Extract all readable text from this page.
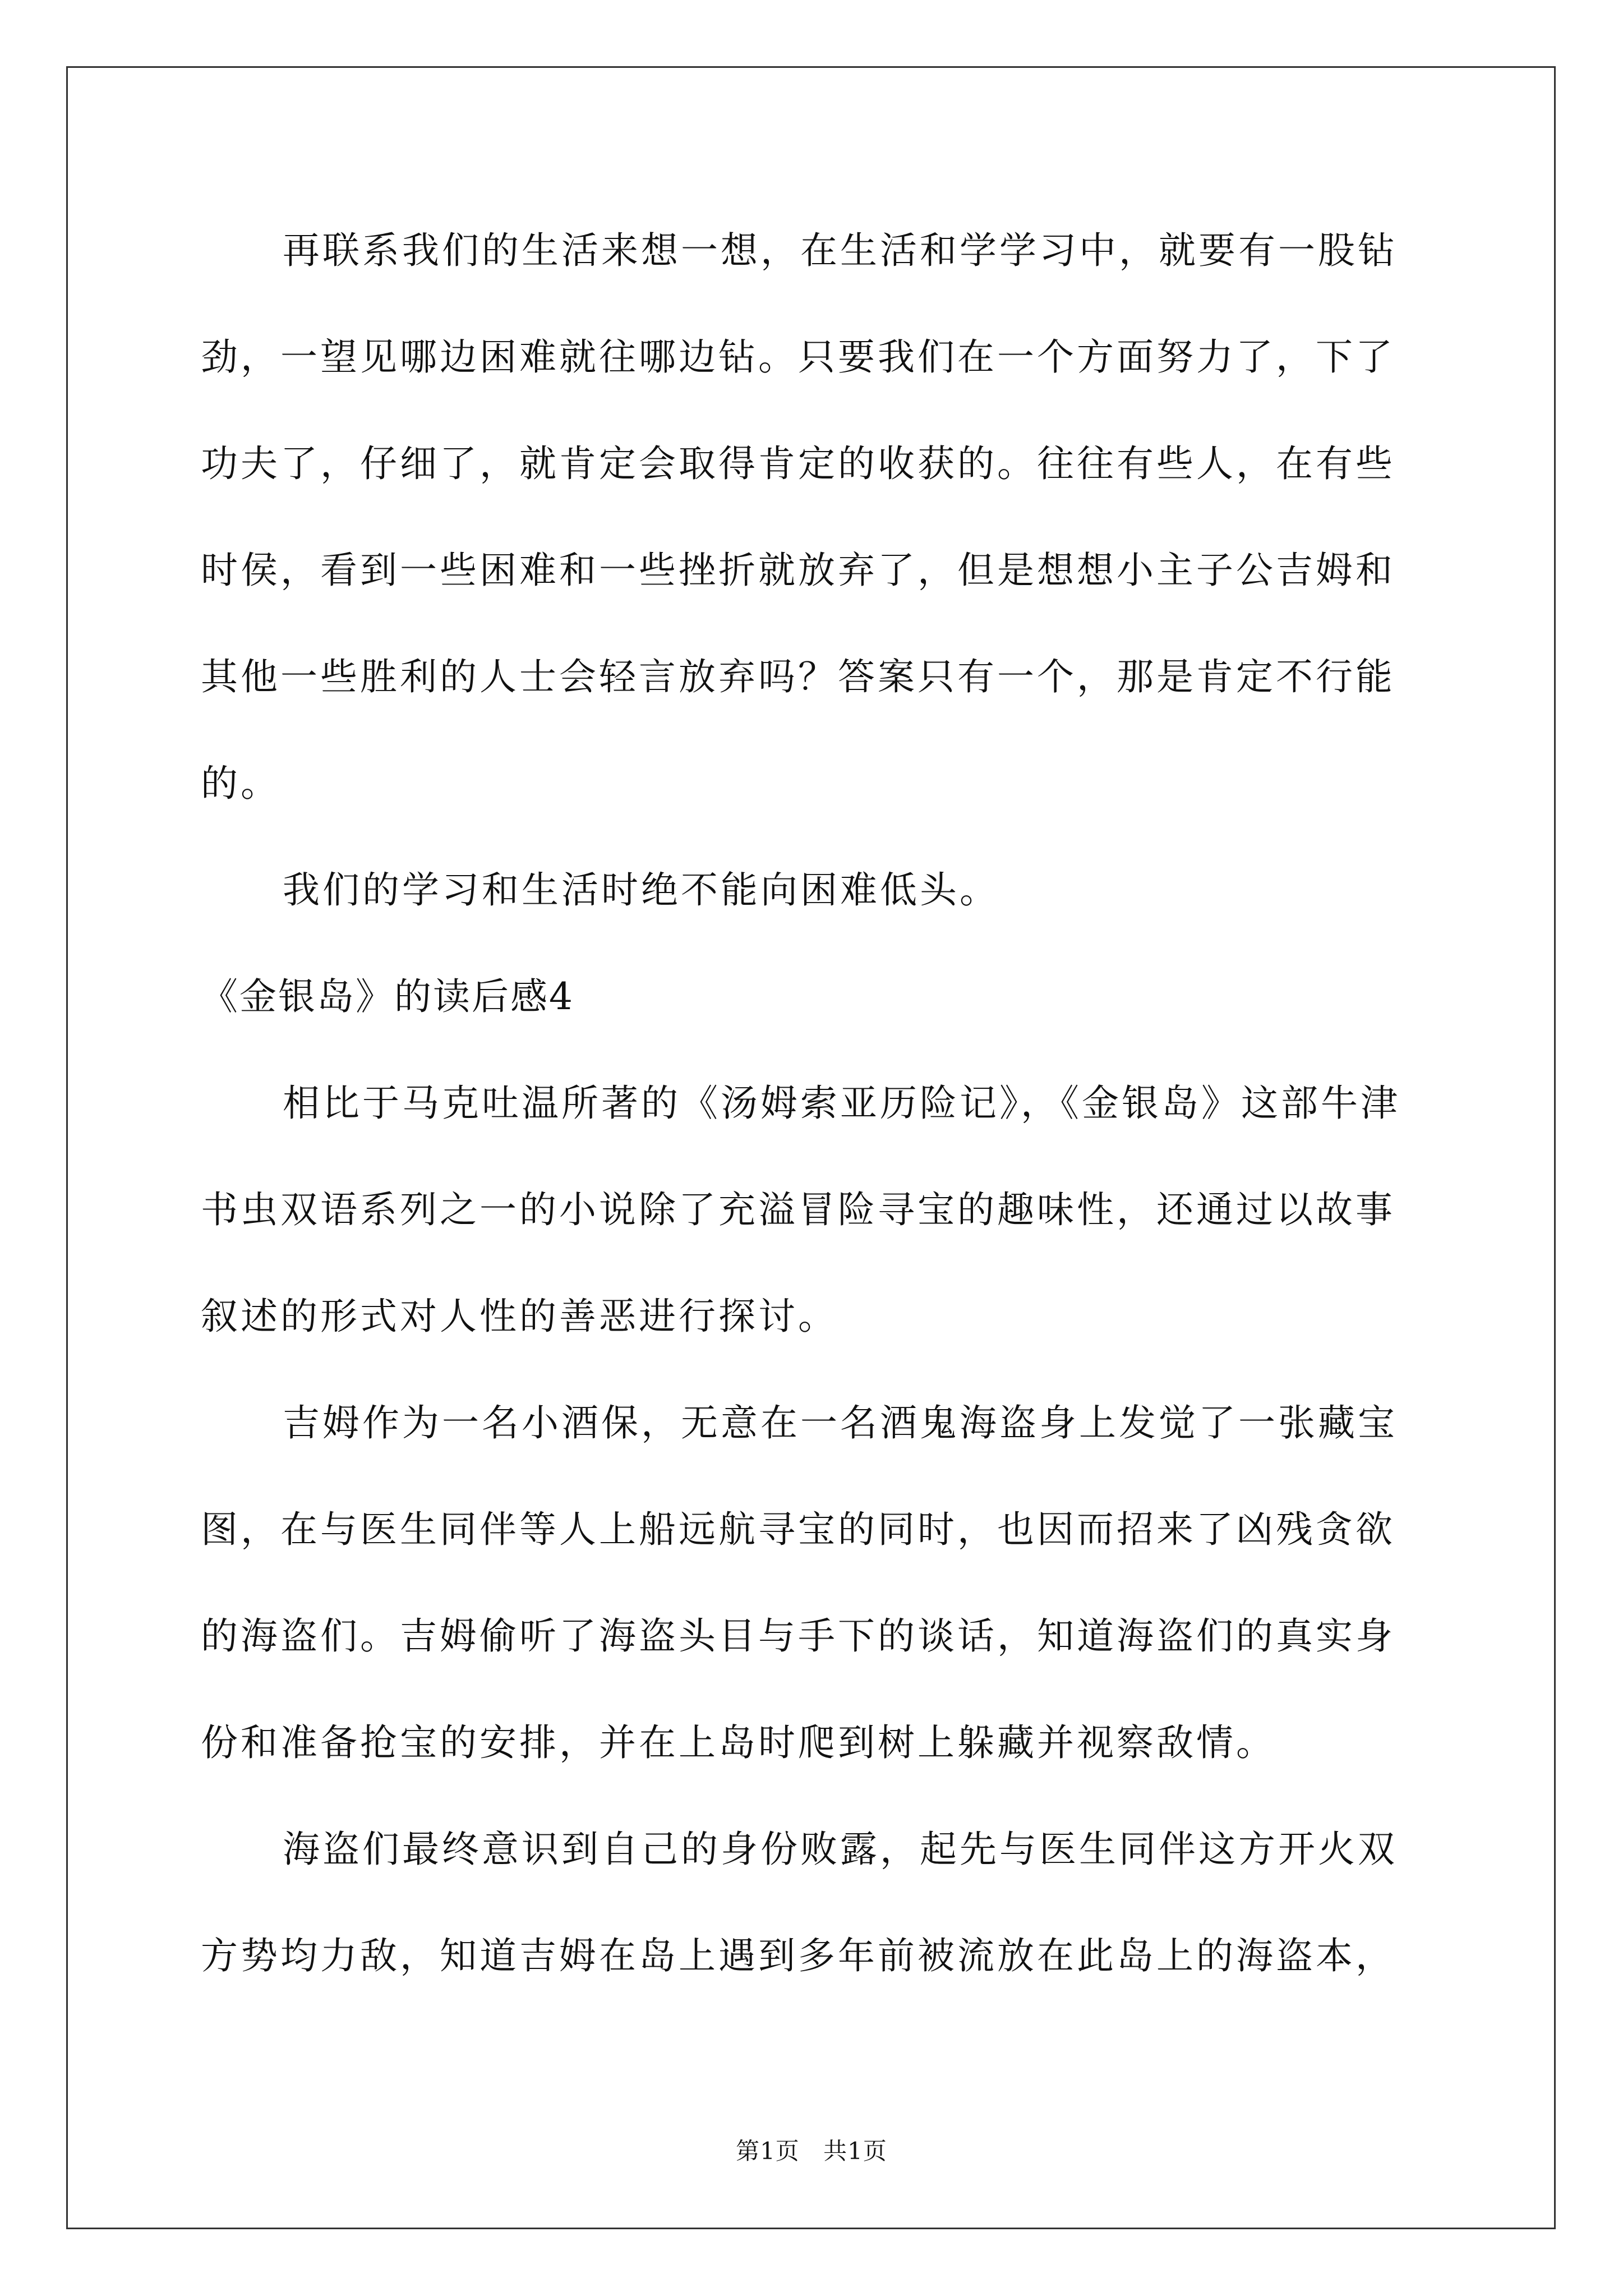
再联系我们的生活来想一想，在生活和学学习中，就要有一股钻
劲，一望见哪边困难就往哪边钻。只要我们在一个方面努力了，下了
功夫了，仔细了，就肯定会取得肯定的收获的。往往有些人，在有些
时侯，看到一些困难和一些挫折就放弃了，但是想想小主子公吉姆和
其他一些胜利的人士会轻言放弃吗？答案只有一个，那是肯定不行能
的。
我们的学习和生活时绝不能向困难低头。
《金银岛》的读后感4
相比于马克吐温所著的《汤姆索亚历险记》，《金银岛》这部牛津
书虫双语系列之一的小说除了充溢冒险寻宝的趣味性，还通过以故事
叙述的形式对人性的善恶进行探讨。
吉姆作为一名小酒保，无意在一名酒鬼海盗身上发觉了一张藏宝
图，在与医生同伴等人上船远航寻宝的同时，也因而招来了凶残贪欲
的海盗们。吉姆偷听了海盗头目与手下的谈话，知道海盗们的真实身
份和准备抢宝的安排，并在上岛时爬到树上躲藏并视察敌情。
海盗们最终意识到自己的身份败露，起先与医生同伴这方开火双
方势均力敌，知道吉姆在岛上遇到多年前被流放在此岛上的海盗本，
第1页 共1页
